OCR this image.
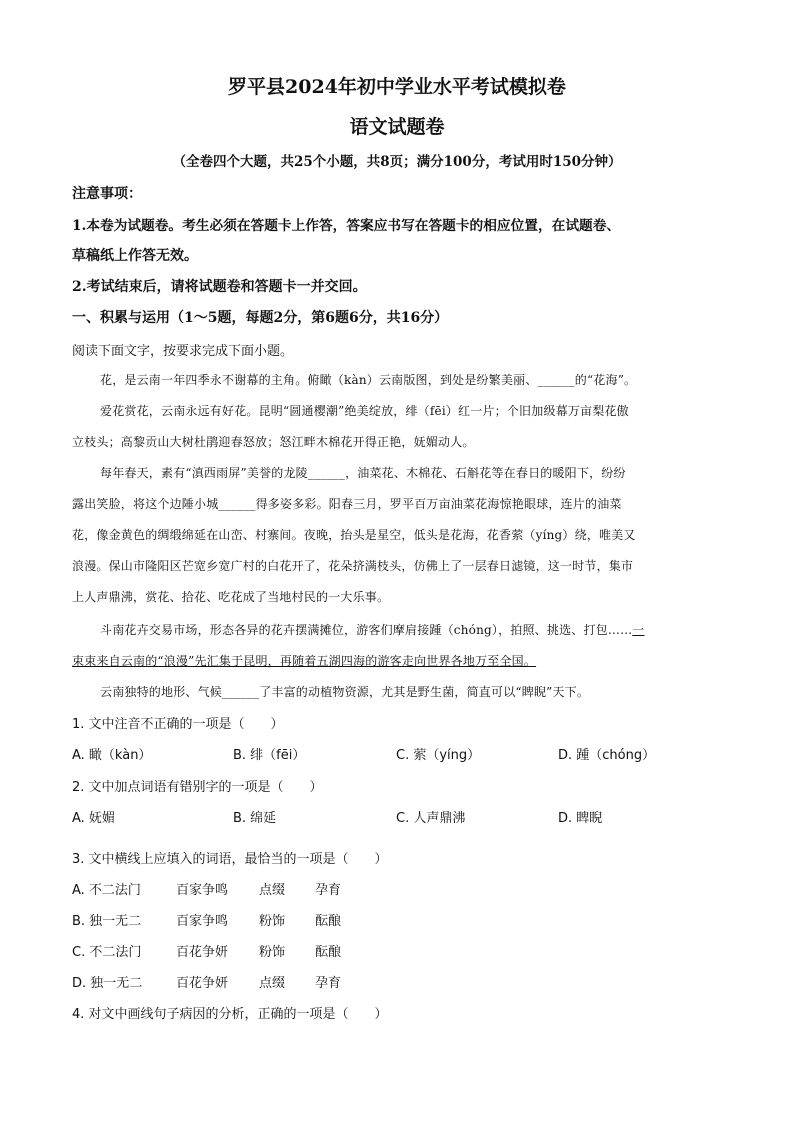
罗平县2024年初中学业水平考试模拟卷
语文试题卷
（全卷四个大题，共25个小题，共8页；满分100分，考试用时150分钟）
注意事项：
1.本卷为试题卷。考生必须在答题卡上作答，答案应书写在答题卡的相应位置，在试题卷、
草稿纸上作答无效。
2.考试结束后，请将试题卷和答题卡一并交回。
一、积累与运用（1～5题，每题2分，第6题6分，共16分）
阅读下面文字，按要求完成下面小题。
花，是云南一年四季永不谢幕的主角。俯瞰（kàn）云南版图，到处是纷繁美丽、______的“花海”。
爱花赏花，云南永远有好花。昆明“圆通樱潮”绝美绽放，绯（fēi）红一片；个旧加级幕万亩梨花傲
立枝头；高黎贡山大树杜鹃迎春怒放；怒江畔木棉花开得正艳，妩媚动人。
每年春天，素有“滇西雨屏”美誉的龙陵______，油菜花、木棉花、石斛花等在春日的暖阳下，纷纷
露出笑脸，将这个边陲小城______得多姿多彩。阳春三月，罗平百万亩油菜花海惊艳眼球，连片的油菜
花，像金黄色的绸缎绵延在山峦、村寨间。夜晚，抬头是星空，低头是花海，花香萦（yíng）绕，唯美又
浪漫。保山市隆阳区芒宽乡宽广村的白花开了，花朵挤满枝头，仿佛上了一层春日滤镜，这一时节，集市
上人声鼎沸，赏花、拾花、吃花成了当地村民的一大乐事。
斗南花卉交易市场，形态各异的花卉摆满摊位，游客们摩肩接踵（chóng），拍照、挑选、打包……一
束束来自云南的“浪漫”先汇集于昆明，再随着五湖四海的游客走向世界各地万至全国。
云南独特的地形、气候______了丰富的动植物资源，尤其是野生菌，简直可以“睥睨”天下。
1. 文中注音不正确的一项是（　　）
A. 瞰（kàn）	B. 绯（fēi）	C. 萦（yíng）	D. 踵（chóng）
2. 文中加点词语有错别字的一项是（　　）
A. 妩媚	B. 绵延	C. 人声鼎沸	D. 睥睨
3. 文中横线上应填入的词语，最恰当的一项是（　　）
A. 不二法门	百家争鸣 点缀 孕育
B. 独一无二	百家争鸣 粉饰 酝酿
C. 不二法门	百花争妍 粉饰 酝酿
D. 独一无二	百花争妍 点缀 孕育
4. 对文中画线句子病因的分析，正确的一项是（　　）
